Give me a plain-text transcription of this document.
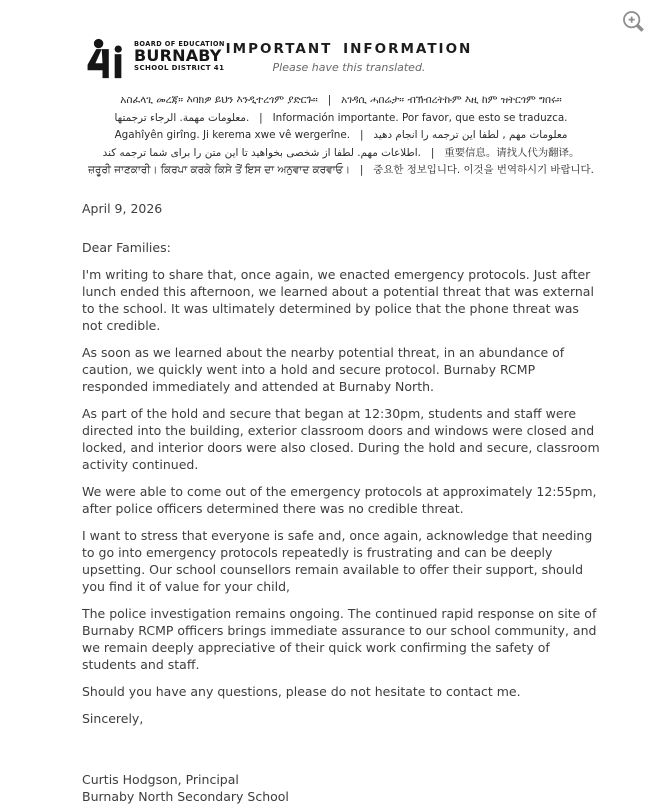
BOARD OF EDUCATION
BURNABY
SCHOOL DISTRICT 41
IMPORTANT INFORMATION
Please have this translated.
አስፈላጊ መረጃ። እባክዎ ይህን እንዲተረጎም ያድርጉ።   |   አገዳሲ ሓበሬታ። ብኽብረትኩም እዚ ከም ዝትርጎም ግበሩ።
معلومات مهمة. الرجاء ترجمتها.   |   Información importante. Por favor, que esto se traduzca.
Agahîyên girîng. Ji kerema xwe vê wergerîne.   |   معلومات مهم , لطفا این ترجمه را انجام دهید
اطلاعات مهم. لطفا از شخصی بخواهید تا این متن را برای شما ترجمه کند.   |   重要信息。请找人代为翻译。
ਜ਼ਰੂਰੀ ਜਾਣਕਾਰੀ। ਕਿਰਪਾ ਕਰਕੇ ਕਿਸੇ ਤੋਂ ਇਸ ਦਾ ਅਨੁਵਾਦ ਕਰਵਾਓ।   |   중요한 정보입니다. 이것을 번역하시기 바랍니다.
April 9, 2026
Dear Families:

I'm writing to share that, once again, we enacted emergency protocols. Just after lunch ended this afternoon, we learned about a potential threat that was external to the school. It was ultimately determined by police that the phone threat was not credible.

As soon as we learned about the nearby potential threat, in an abundance of caution, we quickly went into a hold and secure protocol. Burnaby RCMP responded immediately and attended at Burnaby North.

As part of the hold and secure that began at 12:30pm, students and staff were directed into the building, exterior classroom doors and windows were closed and locked, and interior doors were also closed. During the hold and secure, classroom activity continued.

We were able to come out of the emergency protocols at approximately 12:55pm, after police officers determined there was no credible threat.

I want to stress that everyone is safe and, once again, acknowledge that needing to go into emergency protocols repeatedly is frustrating and can be deeply upsetting. Our school counsellors remain available to offer their support, should you find it of value for your child,

The police investigation remains ongoing. The continued rapid response on site of Burnaby RCMP officers brings immediate assurance to our school community, and we remain deeply appreciative of their quick work confirming the safety of students and staff.

Should you have any questions, please do not hesitate to contact me.

Sincerely,
Curtis Hodgson, Principal
Burnaby North Secondary School
